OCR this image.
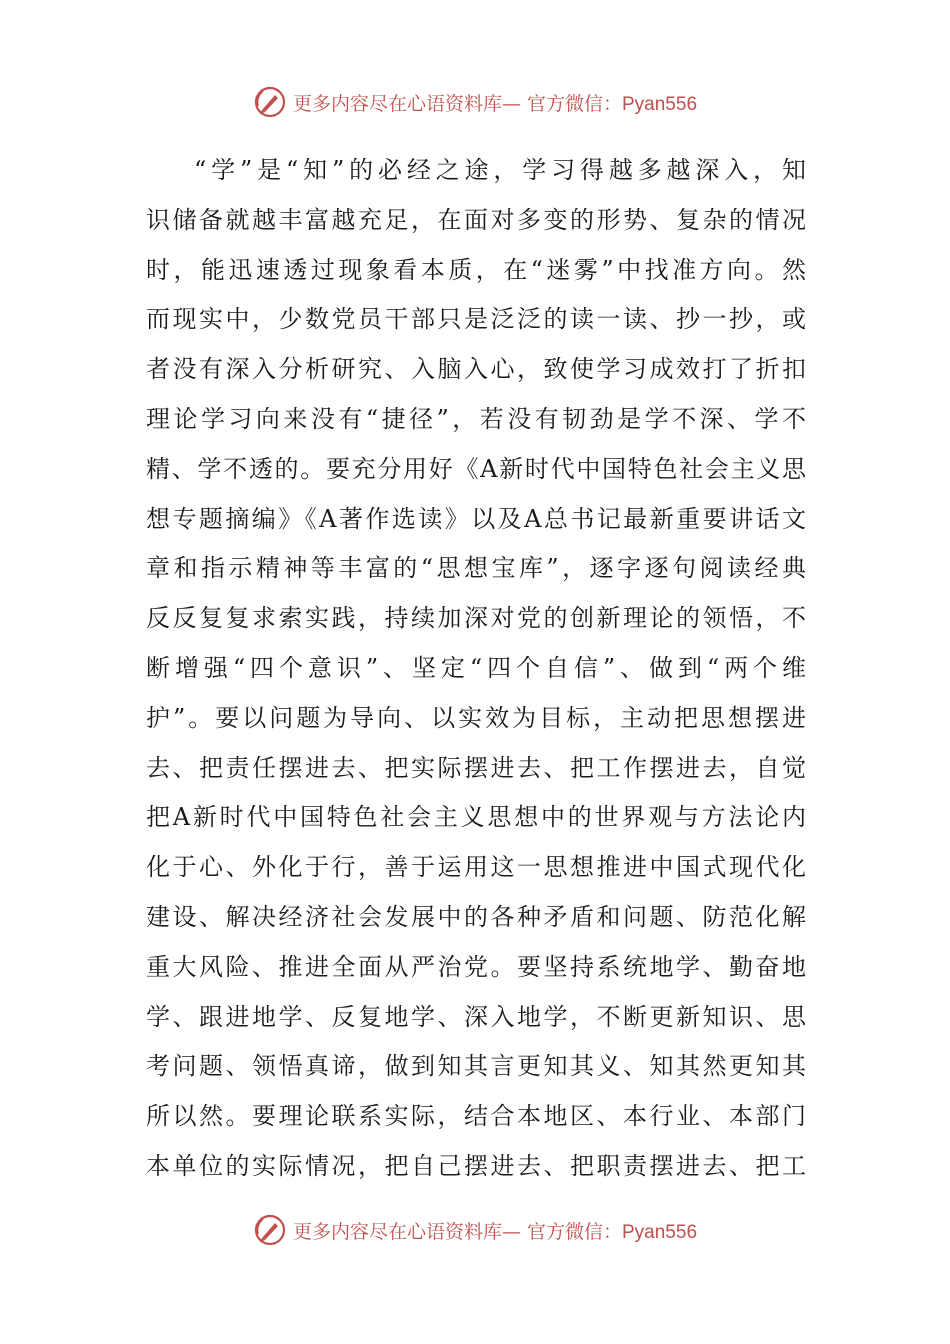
更多内容尽在心语资料库— 官方微信：Pyan556
“学”是“知”的必经之途，学习得越多越深入，知
识储备就越丰富越充足，在面对多变的形势、复杂的情况
时，能迅速透过现象看本质，在“迷雾”中找准方向。然
而现实中，少数党员干部只是泛泛的读一读、抄一抄，或
者没有深入分析研究、入脑入心，致使学习成效打了折扣
理论学习向来没有“捷径”，若没有韧劲是学不深、学不
精、学不透的。要充分用好《A新时代中国特色社会主义思
想专题摘编》《A著作选读》以及A总书记最新重要讲话文
章和指示精神等丰富的“思想宝库”，逐字逐句阅读经典
反反复复求索实践，持续加深对党的创新理论的领悟，不
断增强“四个意识”、坚定“四个自信”、做到“两个维
护”。要以问题为导向、以实效为目标，主动把思想摆进
去、把责任摆进去、把实际摆进去、把工作摆进去，自觉
把A新时代中国特色社会主义思想中的世界观与方法论内
化于心、外化于行，善于运用这一思想推进中国式现代化
建设、解决经济社会发展中的各种矛盾和问题、防范化解
重大风险、推进全面从严治党。要坚持系统地学、勤奋地
学、跟进地学、反复地学、深入地学，不断更新知识、思
考问题、领悟真谛，做到知其言更知其义、知其然更知其
所以然。要理论联系实际，结合本地区、本行业、本部门
本单位的实际情况，把自己摆进去、把职责摆进去、把工
更多内容尽在心语资料库— 官方微信：Pyan556
